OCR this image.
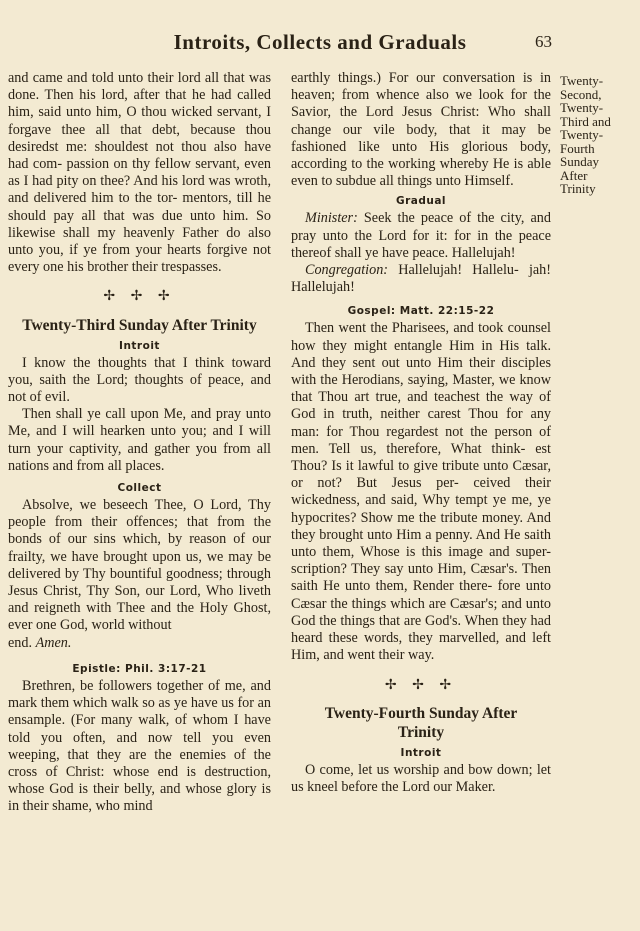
Introits, Collects and Graduals	63

and came and told unto their lord all that was done. Then his lord, after that he had called him, said unto him, O thou wicked servant, I forgave thee all that debt, because thou desiredst me: shouldest not thou also have had com- passion on thy fellow servant, even as I had pity on thee? And his lord was wroth, and delivered him to the tor- mentors, till he should pay all that was due unto him. So likewise shall my heavenly Father do also unto you, if ye from your hearts forgive not every one his brother their trespasses.

✢ ✢ ✢
Twenty-Third Sunday After Trinity
Introit

I know the thoughts that I think toward you, saith the Lord; thoughts of peace, and not of evil.

Then shall ye call upon Me, and pray unto Me, and I will hearken unto you; and I will turn your captivity, and gather you from all nations and from all places.

Collect

Absolve, we beseech Thee, O Lord, Thy people from their offences; that from the bonds of our sins which, by reason of our frailty, we have brought upon us, we may be delivered by Thy bountiful goodness; through Jesus Christ, Thy Son, our Lord, Who liveth and reigneth with Thee and the Holy Ghost, ever one God, world without

end. Amen.

Epistle: Phil. 3:17-21

Brethren, be followers together of me, and mark them which walk so as ye have us for an ensample. (For many walk, of whom I have told you often, and now tell you even weeping, that they are the enemies of the cross of Christ: whose end is destruction, whose God is their belly, and whose glory is in their shame, who mind

earthly things.) For our conversation is in heaven; from whence also we look for the Savior, the Lord Jesus Christ: Who shall change our vile body, that it may be fashioned like unto His glorious body, according to the working whereby He is able even to subdue all things unto Himself.

Gradual

Minister: Seek the peace of the city, and pray unto the Lord for it: for in the peace thereof shall ye have peace. Hallelujah!

Congregation: Hallelujah! Hallelu- jah! Hallelujah!

Gospel: Matt. 22:15-22

Then went the Pharisees, and took counsel how they might entangle Him in His talk. And they sent out unto Him their disciples with the Herodians, saying, Master, we know that Thou art true, and teachest the way of God in truth, neither carest Thou for any man: for Thou regardest not the person of men. Tell us, therefore, What think- est Thou? Is it lawful to give tribute unto Cæsar, or not? But Jesus per- ceived their wickedness, and said, Why tempt ye me, ye hypocrites? Show me the tribute money. And they brought unto Him a penny. And He saith unto them, Whose is this image and super- scription? They say unto Him, Cæsar's. Then saith He unto them, Render there- fore unto Cæsar the things which are Cæsar's; and unto God the things that are God's. When they had heard these words, they marvelled, and left Him, and went their way.

✢ ✢ ✢
Twenty-Fourth Sunday After
Trinity
Introit

O come, let us worship and bow down; let us kneel before the Lord our Maker.

Twenty-
Second,
Twenty-
Third and
Twenty-
Fourth
Sunday
After
Trinity
